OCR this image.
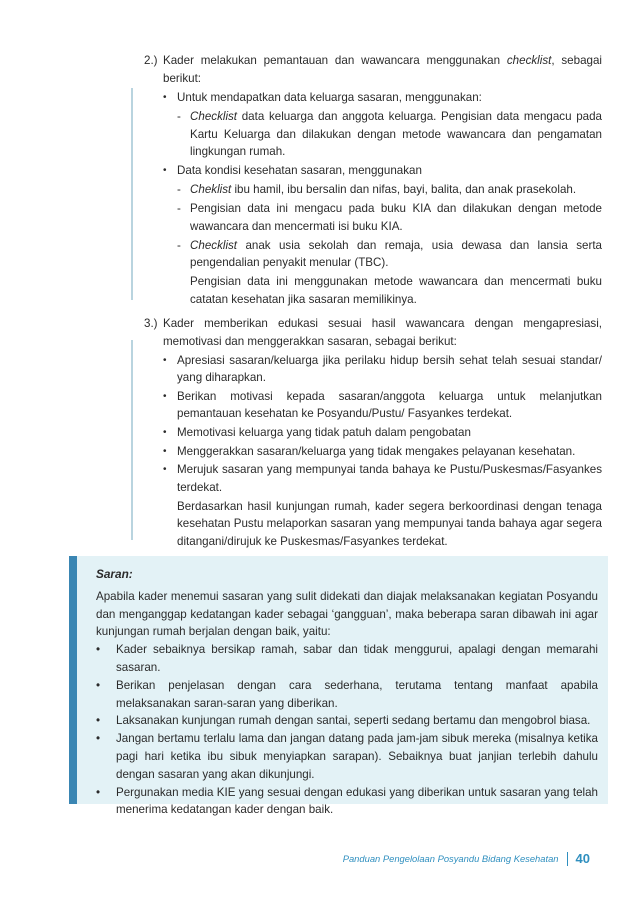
2.) Kader melakukan pemantauan dan wawancara menggunakan checklist, sebagai berikut:
• Untuk mendapatkan data keluarga sasaran, menggunakan:
- Checklist data keluarga dan anggota keluarga. Pengisian data mengacu pada Kartu Keluarga dan dilakukan dengan metode wawancara dan pengamatan lingkungan rumah.
• Data kondisi kesehatan sasaran, menggunakan
- Cheklist ibu hamil, ibu bersalin dan nifas, bayi, balita, dan anak prasekolah.
- Pengisian data ini mengacu pada buku KIA dan dilakukan dengan metode wawancara dan mencermati isi buku KIA.
- Checklist anak usia sekolah dan remaja, usia dewasa dan lansia serta pengendalian penyakit menular (TBC).
Pengisian data ini menggunakan metode wawancara dan mencermati buku catatan kesehatan jika sasaran memilikinya.
3.) Kader memberikan edukasi sesuai hasil wawancara dengan mengapresiasi, memotivasi dan menggerakkan sasaran, sebagai berikut:
• Apresiasi sasaran/keluarga jika perilaku hidup bersih sehat telah sesuai standar/ yang diharapkan.
• Berikan motivasi kepada sasaran/anggota keluarga untuk melanjutkan pemantauan kesehatan ke Posyandu/Pustu/ Fasyankes terdekat.
• Memotivasi keluarga yang tidak patuh dalam pengobatan
• Menggerakkan sasaran/keluarga yang tidak mengakes pelayanan kesehatan.
• Merujuk sasaran yang mempunyai tanda bahaya ke Pustu/Puskesmas/Fasyankes terdekat.
Berdasarkan hasil kunjungan rumah, kader segera berkoordinasi dengan tenaga kesehatan Pustu melaporkan sasaran yang mempunyai tanda bahaya agar segera ditangani/dirujuk ke Puskesmas/Fasyankes terdekat.
Saran:

Apabila kader menemui sasaran yang sulit didekati dan diajak melaksanakan kegiatan Posyandu dan menganggap kedatangan kader sebagai ‘gangguan’, maka beberapa saran dibawah ini agar kunjungan rumah berjalan dengan baik, yaitu:

•	Kader sebaiknya bersikap ramah, sabar dan tidak menggurui, apalagi dengan memarahi sasaran.
•	Berikan penjelasan dengan cara sederhana, terutama tentang manfaat apabila melaksanakan saran-saran yang diberikan.
•	Laksanakan kunjungan rumah dengan santai, seperti sedang bertamu dan mengobrol biasa.
•	Jangan bertamu terlalu lama dan jangan datang pada jam-jam sibuk mereka (misalnya ketika pagi hari ketika ibu sibuk menyiapkan sarapan). Sebaiknya buat janjian terlebih dahulu dengan sasaran yang akan dikunjungi.
•	Pergunakan media KIE yang sesuai dengan edukasi yang diberikan untuk sasaran yang telah menerima kedatangan kader dengan baik.
Panduan Pengelolaan Posyandu Bidang Kesehatan 40
